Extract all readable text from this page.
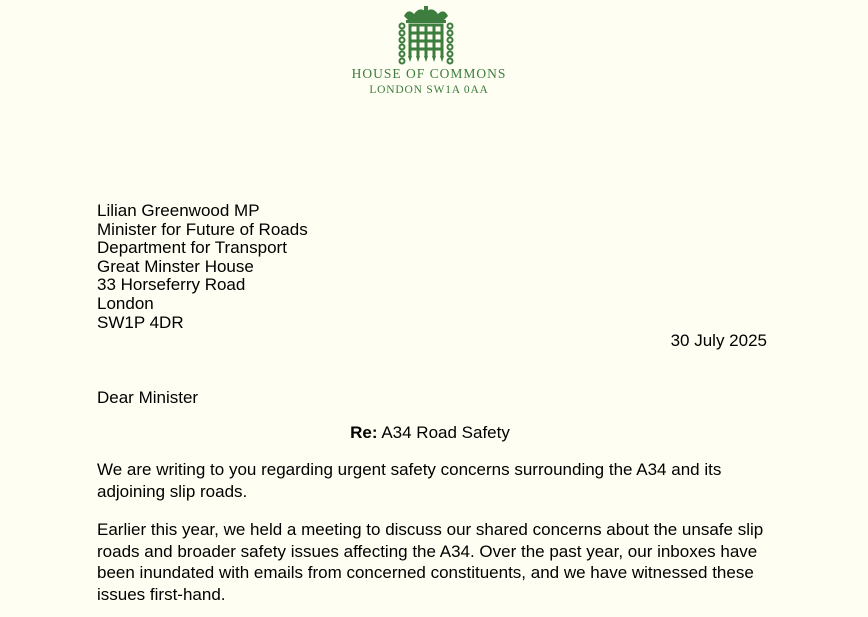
HOUSE OF COMMONS
LONDON SW1A 0AA
Lilian Greenwood MP
Minister for Future of Roads
Department for Transport
Great Minster House
33 Horseferry Road
London
SW1P 4DR
30 July 2025
Dear Minister
Re: A34 Road Safety
We are writing to you regarding urgent safety concerns surrounding the A34 and its adjoining slip roads.
Earlier this year, we held a meeting to discuss our shared concerns about the unsafe slip roads and broader safety issues affecting the A34. Over the past year, our inboxes have been inundated with emails from concerned constituents, and we have witnessed these issues first-hand.
